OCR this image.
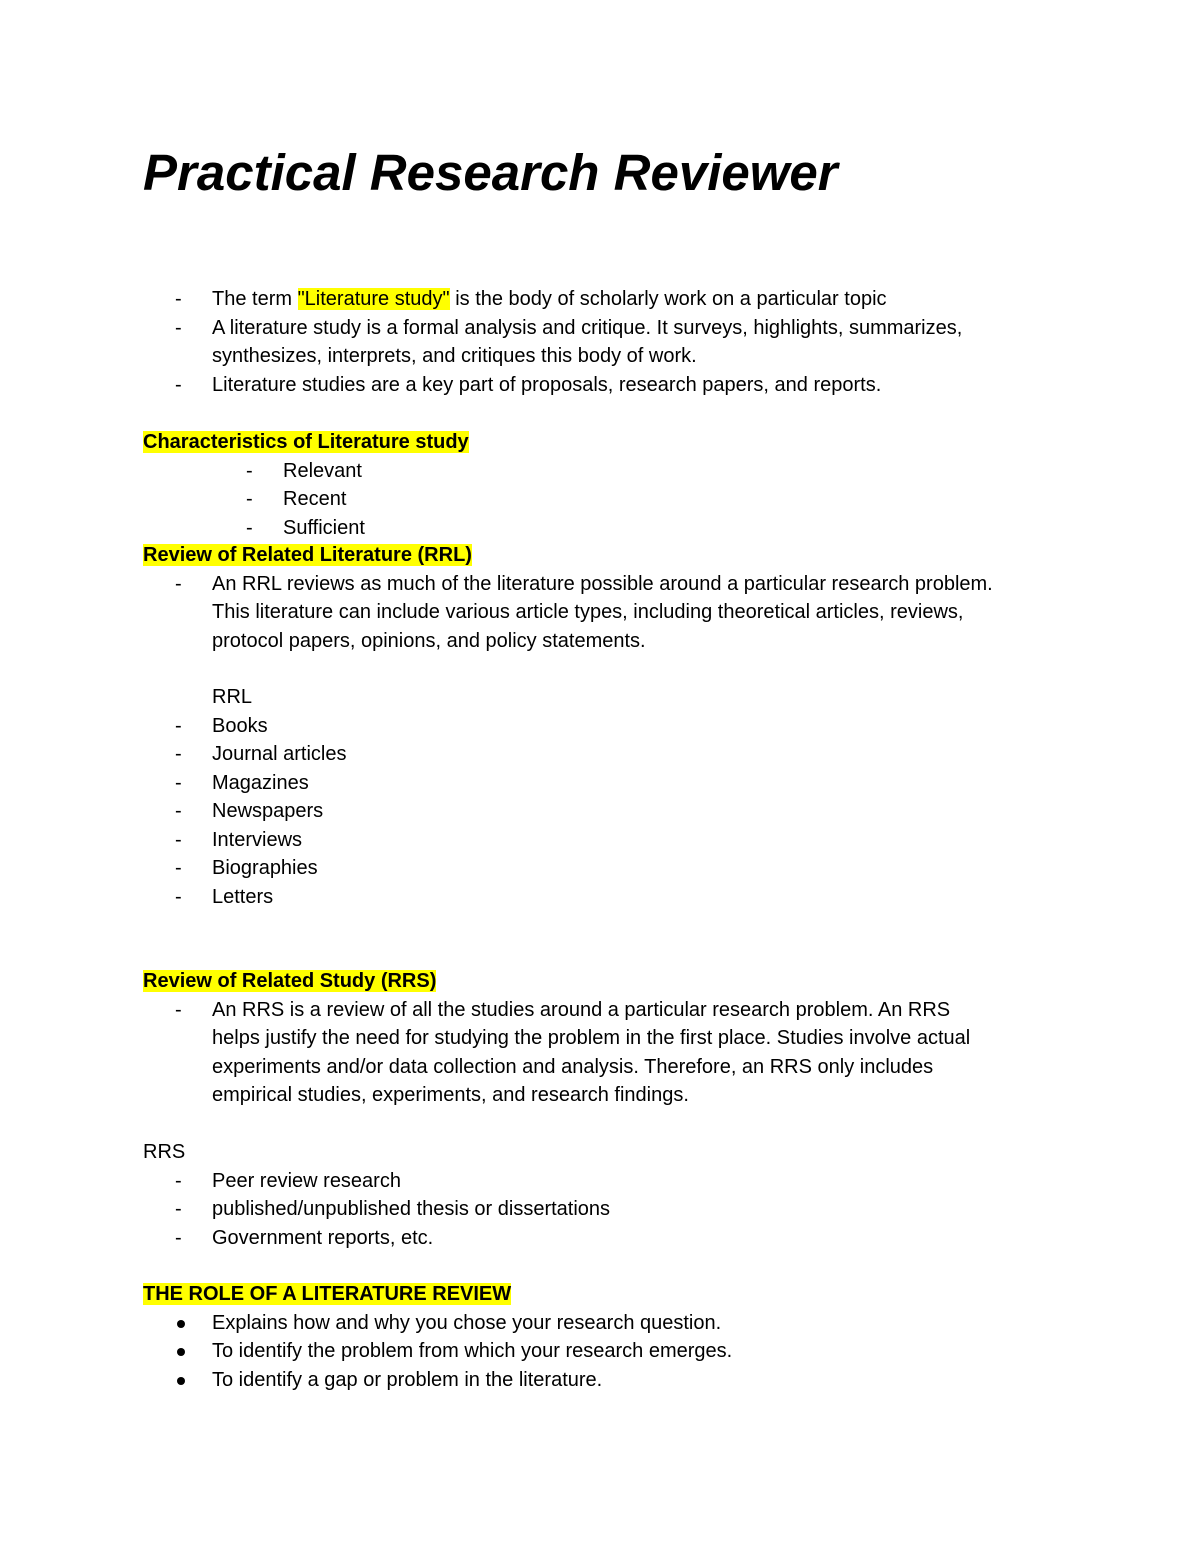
Practical Research Reviewer
- The term "Literature study" is the body of scholarly work on a particular topic
- A literature study is a formal analysis and critique. It surveys, highlights, summarizes,
synthesizes, interprets, and critiques this body of work.
- Literature studies are a key part of proposals, research papers, and reports.
Characteristics of Literature study
- Relevant
- Recent
- Sufficient
Review of Related Literature (RRL)
- An RRL reviews as much of the literature possible around a particular research problem.
This literature can include various article types, including theoretical articles, reviews,
protocol papers, opinions, and policy statements.
RRL
- Books
- Journal articles
- Magazines
- Newspapers
- Interviews
- Biographies
- Letters
Review of Related Study (RRS)
- An RRS is a review of all the studies around a particular research problem. An RRS
helps justify the need for studying the problem in the first place. Studies involve actual
experiments and/or data collection and analysis. Therefore, an RRS only includes
empirical studies, experiments, and research findings.
RRS
- Peer review research
- published/unpublished thesis or dissertations
- Government reports, etc.
THE ROLE OF A LITERATURE REVIEW
Explains how and why you chose your research question.
To identify the problem from which your research emerges.
To identify a gap or problem in the literature.
